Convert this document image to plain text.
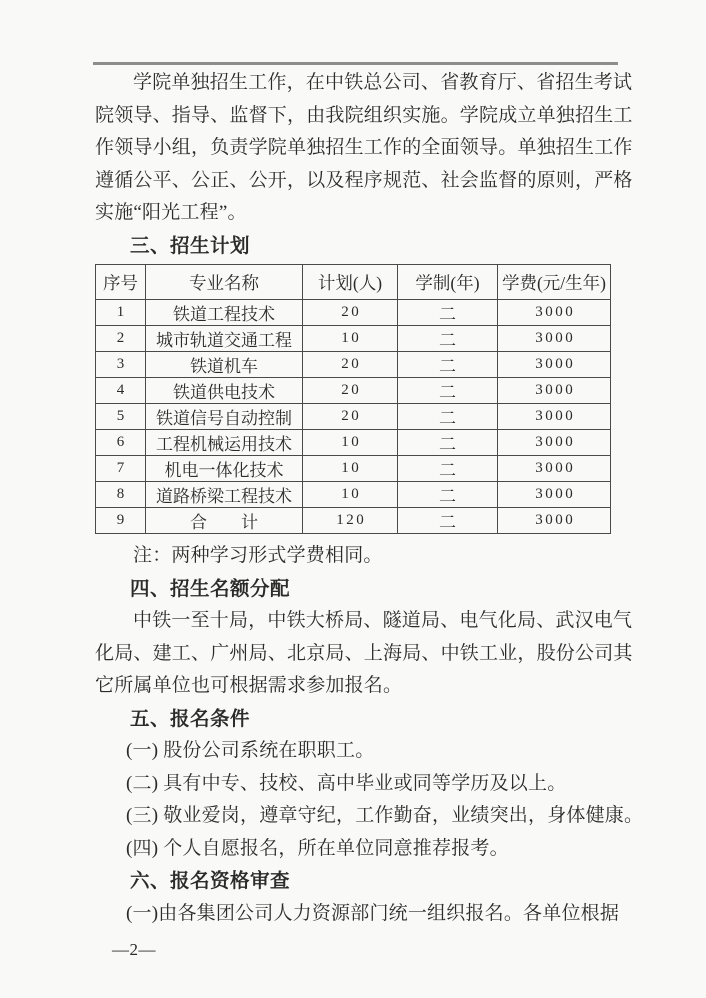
学院单独招生工作，在中铁总公司、省教育厅、省招生考试
院领导、指导、监督下，由我院组织实施。学院成立单独招生工
作领导小组，负责学院单独招生工作的全面领导。单独招生工作
遵循公平、公正、公开，以及程序规范、社会监督的原则，严格
实施“阳光工程”。
三、招生计划
序号	专业名称	计划(人)	学制(年)	学费(元/生年)
1	铁道工程技术	20	二	3000
2	城市轨道交通工程	10	二	3000
3	铁道机车	20	二	3000
4	铁道供电技术	20	二	3000
5	铁道信号自动控制	20	二	3000
6	工程机械运用技术	10	二	3000
7	机电一体化技术	10	二	3000
8	道路桥梁工程技术	10	二	3000
9	合　　计	120	二	3000
注：两种学习形式学费相同。
四、招生名额分配
中铁一至十局，中铁大桥局、隧道局、电气化局、武汉电气
化局、建工、广州局、北京局、上海局、中铁工业，股份公司其
它所属单位也可根据需求参加报名。
五、报名条件
(一) 股份公司系统在职职工。
(二) 具有中专、技校、高中毕业或同等学历及以上。
(三) 敬业爱岗，遵章守纪，工作勤奋，业绩突出，身体健康。
(四) 个人自愿报名，所在单位同意推荐报考。
六、报名资格审查
(一)由各集团公司人力资源部门统一组织报名。各单位根据
—2—
